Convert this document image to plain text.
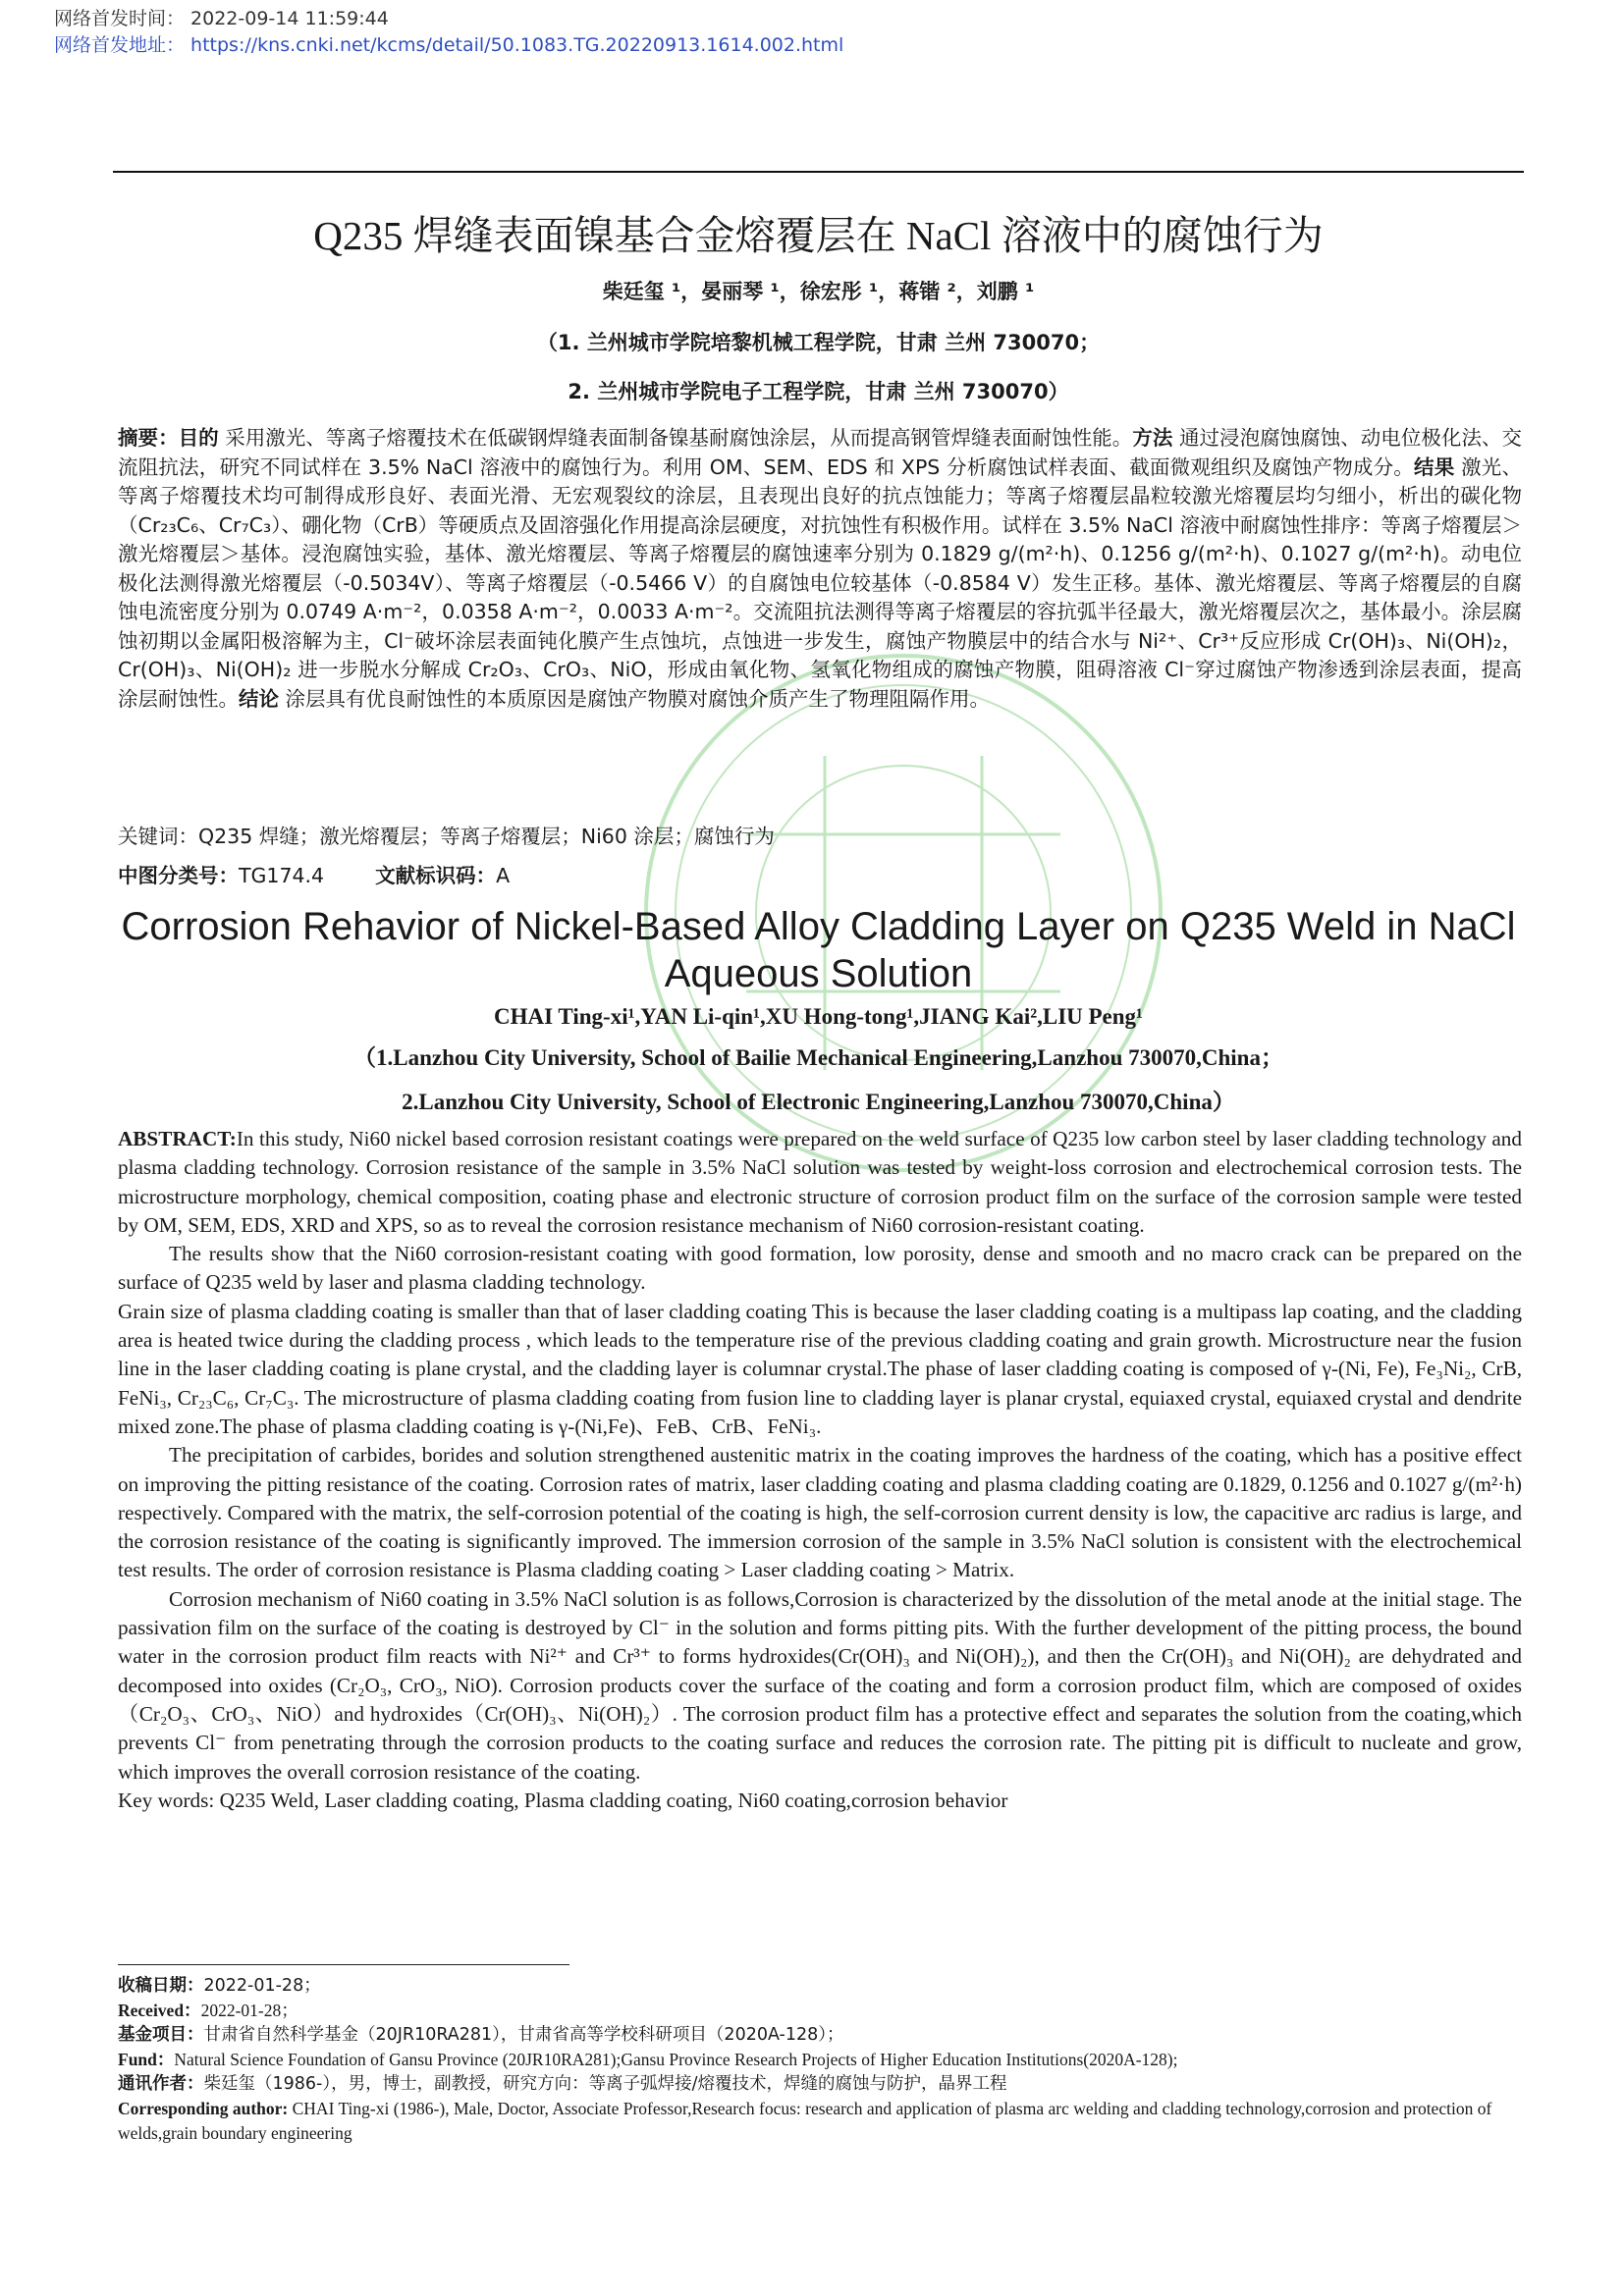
网络首发时间： 2022-09-14 11:59:44
网络首发地址： https://kns.cnki.net/kcms/detail/50.1083.TG.20220913.1614.002.html
Q235 焊缝表面镍基合金熔覆层在 NaCl 溶液中的腐蚀行为
柴廷玺 ¹，晏丽琴 ¹，徐宏彤 ¹，蒋锴 ²，刘鹏 ¹
（1. 兰州城市学院培黎机械工程学院，甘肃 兰州 730070；
2. 兰州城市学院电子工程学院，甘肃 兰州 730070）
摘要：目的 采用激光、等离子熔覆技术在低碳钢焊缝表面制备镍基耐腐蚀涂层，从而提高钢管焊缝表面耐蚀性能。方法 通过浸泡腐蚀腐蚀、动电位极化法、交流阻抗法，研究不同试样在 3.5% NaCl 溶液中的腐蚀行为。利用 OM、SEM、EDS 和 XPS 分析腐蚀试样表面、截面微观组织及腐蚀产物成分。结果 激光、等离子熔覆技术均可制得成形良好、表面光滑、无宏观裂纹的涂层，且表现出良好的抗点蚀能力；等离子熔覆层晶粒较激光熔覆层均匀细小，析出的碳化物（Cr₂₃C₆、Cr₇C₃）、硼化物（CrB）等硬质点及固溶强化作用提高涂层硬度，对抗蚀性有积极作用。试样在 3.5% NaCl 溶液中耐腐蚀性排序：等离子熔覆层＞激光熔覆层＞基体。浸泡腐蚀实验，基体、激光熔覆层、等离子熔覆层的腐蚀速率分别为 0.1829 g/(m²·h)、0.1256 g/(m²·h)、0.1027 g/(m²·h)。动电位极化法测得激光熔覆层（-0.5034V）、等离子熔覆层（-0.5466 V）的自腐蚀电位较基体（-0.8584 V）发生正移。基体、激光熔覆层、等离子熔覆层的自腐蚀电流密度分别为 0.0749 A·m⁻²，0.0358 A·m⁻²，0.0033 A·m⁻²。交流阻抗法测得等离子熔覆层的容抗弧半径最大，激光熔覆层次之，基体最小。涂层腐蚀初期以金属阳极溶解为主，Cl⁻破坏涂层表面钝化膜产生点蚀坑，点蚀进一步发生，腐蚀产物膜层中的结合水与 Ni²⁺、Cr³⁺反应形成 Cr(OH)₃、Ni(OH)₂，Cr(OH)₃、Ni(OH)₂ 进一步脱水分解成 Cr₂O₃、CrO₃、NiO，形成由氧化物、氢氧化物组成的腐蚀产物膜，阻碍溶液 Cl⁻穿过腐蚀产物渗透到涂层表面，提高涂层耐蚀性。结论 涂层具有优良耐蚀性的本质原因是腐蚀产物膜对腐蚀介质产生了物理阻隔作用。
关键词：Q235 焊缝；激光熔覆层；等离子熔覆层；Ni60 涂层；腐蚀行为
中图分类号：TG174.4	文献标识码：A
Corrosion Rehavior of Nickel-Based Alloy Cladding Layer on Q235 Weld in NaCl Aqueous Solution
CHAI Ting-xi¹,YAN Li-qin¹,XU Hong-tong¹,JIANG Kai²,LIU Peng¹
（1.Lanzhou City University, School of Bailie Mechanical Engineering,Lanzhou 730070,China；
2.Lanzhou City University, School of Electronic Engineering,Lanzhou 730070,China）
ABSTRACT:In this study, Ni60 nickel based corrosion resistant coatings were prepared on the weld surface of Q235 low carbon steel by laser cladding technology and plasma cladding technology. Corrosion resistance of the sample in 3.5% NaCl solution was tested by weight-loss corrosion and electrochemical corrosion tests. The microstructure morphology, chemical composition, coating phase and electronic structure of corrosion product film on the surface of the corrosion sample were tested by OM, SEM, EDS, XRD and XPS, so as to reveal the corrosion resistance mechanism of Ni60 corrosion-resistant coating.
The results show that the Ni60 corrosion-resistant coating with good formation, low porosity, dense and smooth and no macro crack can be prepared on the surface of Q235 weld by laser and plasma cladding technology.
Grain size of plasma cladding coating is smaller than that of laser cladding coating This is because the laser cladding coating is a multipass lap coating, and the cladding area is heated twice during the cladding process , which leads to the temperature rise of the previous cladding coating and grain growth. Microstructure near the fusion line in the laser cladding coating is plane crystal, and the cladding layer is columnar crystal.The phase of laser cladding coating is composed of γ-(Ni, Fe), Fe₃Ni₂, CrB, FeNi₃, Cr₂₃C₆, Cr₇C₃. The microstructure of plasma cladding coating from fusion line to cladding layer is planar crystal, equiaxed crystal, equiaxed crystal and dendrite mixed zone.The phase of plasma cladding coating is γ-(Ni,Fe)、FeB、CrB、FeNi₃.
The precipitation of carbides, borides and solution strengthened austenitic matrix in the coating improves the hardness of the coating, which has a positive effect on improving the pitting resistance of the coating. Corrosion rates of matrix, laser cladding coating and plasma cladding coating are 0.1829, 0.1256 and 0.1027 g/(m²·h) respectively. Compared with the matrix, the self-corrosion potential of the coating is high, the self-corrosion current density is low, the capacitive arc radius is large, and the corrosion resistance of the coating is significantly improved. The immersion corrosion of the sample in 3.5% NaCl solution is consistent with the electrochemical test results. The order of corrosion resistance is Plasma cladding coating > Laser cladding coating > Matrix.
Corrosion mechanism of Ni60 coating in 3.5% NaCl solution is as follows,Corrosion is characterized by the dissolution of the metal anode at the initial stage. The passivation film on the surface of the coating is destroyed by Cl⁻ in the solution and forms pitting pits. With the further development of the pitting process, the bound water in the corrosion product film reacts with Ni²⁺ and Cr³⁺ to forms hydroxides(Cr(OH)₃ and Ni(OH)₂), and then the Cr(OH)₃ and Ni(OH)₂ are dehydrated and decomposed into oxides (Cr₂O₃, CrO₃, NiO). Corrosion products cover the surface of the coating and form a corrosion product film, which are composed of oxides（Cr₂O₃、CrO₃、NiO）and hydroxides（Cr(OH)₃、Ni(OH)₂）. The corrosion product film has a protective effect and separates the solution from the coating,which prevents Cl⁻ from penetrating through the corrosion products to the coating surface and reduces the corrosion rate. The pitting pit is difficult to nucleate and grow, which improves the overall corrosion resistance of the coating.
Key words: Q235 Weld, Laser cladding coating, Plasma cladding coating, Ni60 coating,corrosion behavior
收稿日期：2022-01-28；
Received：2022-01-28；
基金项目：甘肃省自然科学基金（20JR10RA281），甘肃省高等学校科研项目（2020A-128）；
Fund：Natural Science Foundation of Gansu Province (20JR10RA281);Gansu Province Research Projects of Higher Education Institutions(2020A-128);
通讯作者：柴廷玺（1986-），男，博士，副教授，研究方向：等离子弧焊接/熔覆技术，焊缝的腐蚀与防护，晶界工程
Corresponding author: CHAI Ting-xi (1986-), Male, Doctor, Associate Professor,Research focus: research and application of plasma arc welding and cladding technology,corrosion and protection of welds,grain boundary engineering
